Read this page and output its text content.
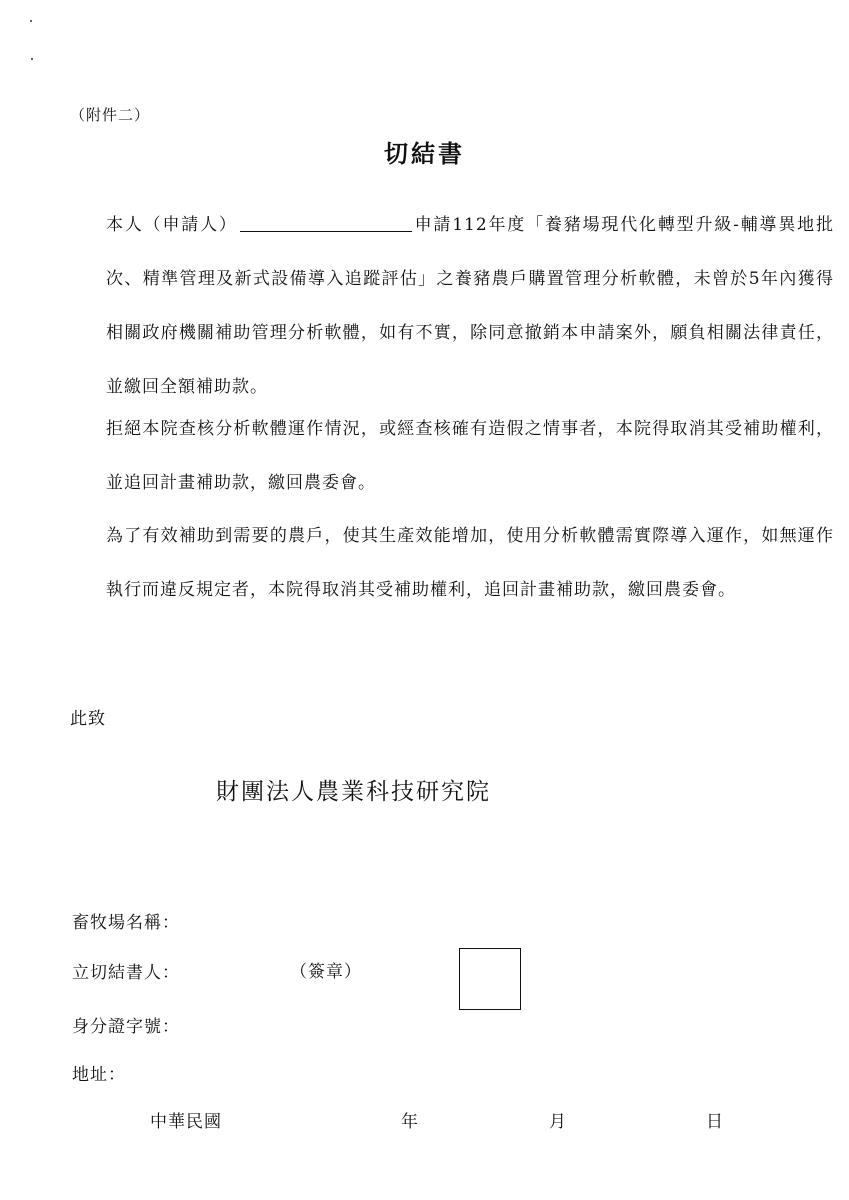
（附件二）
切結書

本人（申請人）	申請112年度「養豬場現代化轉型升級-輔導異地批次、精準管理及新式設備導入追蹤評估」之養豬農戶購置管理分析軟體，未曾於5年內獲得相關政府機關補助管理分析軟體，如有不實，除同意撤銷本申請案外，願負相關法律責任，並繳回全額補助款。

拒絕本院查核分析軟體運作情況，或經查核確有造假之情事者，本院得取消其受補助權利，並追回計畫補助款，繳回農委會。

為了有效補助到需要的農戶，使其生產效能增加，使用分析軟體需實際導入運作，如無運作執行而違反規定者，本院得取消其受補助權利，追回計畫補助款，繳回農委會。

此致
財團法人農業科技研究院
畜牧場名稱：
立切結書人：	（簽章）
身分證字號：
地址：
中華民國	年	月	日
